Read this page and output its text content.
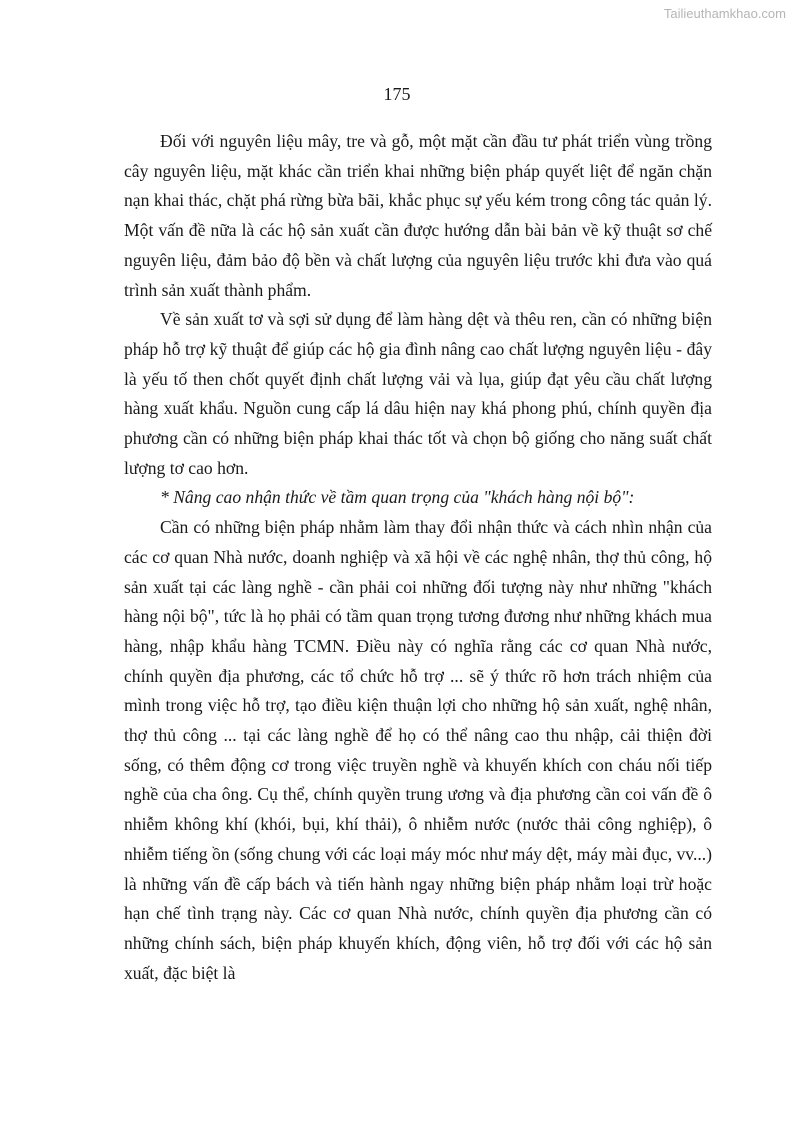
Tailieuthamkhao.com
175

Đối với nguyên liệu mây, tre và gỗ, một mặt cần đầu tư phát triển vùng trồng cây nguyên liệu, mặt khác cần triển khai những biện pháp quyết liệt để ngăn chặn nạn khai thác, chặt phá rừng bừa bãi, khắc phục sự yếu kém trong công tác quản lý. Một vấn đề nữa là các hộ sản xuất cần được hướng dẫn bài bản về kỹ thuật sơ chế nguyên liệu, đảm bảo độ bền và chất lượng của nguyên liệu trước khi đưa vào quá trình sản xuất thành phẩm.

Về sản xuất tơ và sợi sử dụng để làm hàng dệt và thêu ren, cần có những biện pháp hỗ trợ kỹ thuật để giúp các hộ gia đình nâng cao chất lượng nguyên liệu - đây là yếu tố then chốt quyết định chất lượng vải và lụa, giúp đạt yêu cầu chất lượng hàng xuất khẩu. Nguồn cung cấp lá dâu hiện nay khá phong phú, chính quyền địa phương cần có những biện pháp khai thác tốt và chọn bộ giống cho năng suất chất lượng tơ cao hơn.

* Nâng cao nhận thức về tầm quan trọng của "khách hàng nội bộ":

Cần có những biện pháp nhằm làm thay đổi nhận thức và cách nhìn nhận của các cơ quan Nhà nước, doanh nghiệp và xã hội về các nghệ nhân, thợ thủ công, hộ sản xuất tại các làng nghề - cần phải coi những đối tượng này như những "khách hàng nội bộ", tức là họ phải có tầm quan trọng tương đương như những khách mua hàng, nhập khẩu hàng TCMN. Điều này có nghĩa rằng các cơ quan Nhà nước, chính quyền địa phương, các tổ chức hỗ trợ ... sẽ ý thức rõ hơn trách nhiệm của mình trong việc hỗ trợ, tạo điều kiện thuận lợi cho những hộ sản xuất, nghệ nhân, thợ thủ công ... tại các làng nghề để họ có thể nâng cao thu nhập, cải thiện đời sống, có thêm động cơ trong việc truyền nghề và khuyến khích con cháu nối tiếp nghề của cha ông. Cụ thể, chính quyền trung ương và địa phương cần coi vấn đề ô nhiễm không khí (khói, bụi, khí thải), ô nhiễm nước (nước thải công nghiệp), ô nhiễm tiếng ồn (sống chung với các loại máy móc như máy dệt, máy mài đục, vv...) là những vấn đề cấp bách và tiến hành ngay những biện pháp nhằm loại trừ hoặc hạn chế tình trạng này. Các cơ quan Nhà nước, chính quyền địa phương cần có những chính sách, biện pháp khuyến khích, động viên, hỗ trợ đối với các hộ sản xuất, đặc biệt là
